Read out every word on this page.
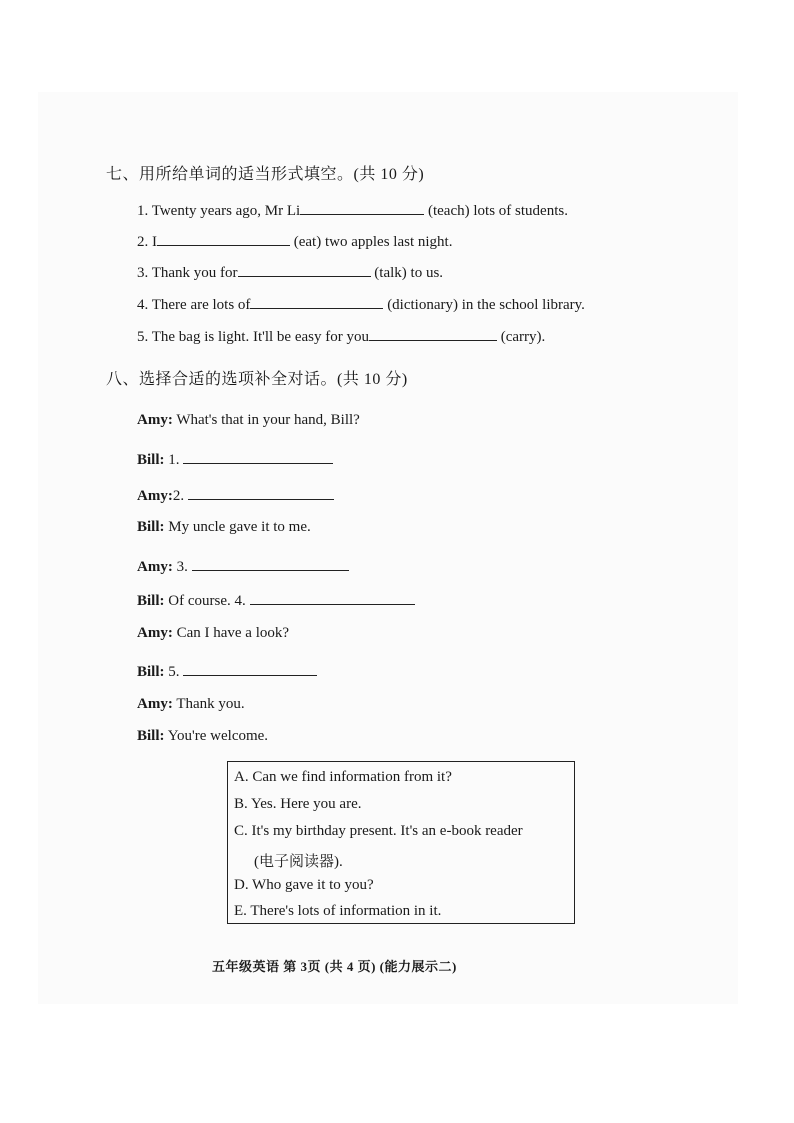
七、用所给单词的适当形式填空。(共 10 分)
1. Twenty years ago, Mr Li	(teach) lots of students.
2. I	(eat) two apples last night.
3. Thank you for	(talk) to us.
4. There are lots of	(dictionary) in the school library.
5. The bag is light. It'll be easy for you	(carry).
八、选择合适的选项补全对话。(共 10 分)
Amy: What's that in your hand, Bill?
Bill: 1.
Amy:2.
Bill: My uncle gave it to me.
Amy: 3.
Bill: Of course. 4.
Amy: Can I have a look?
Bill: 5.
Amy: Thank you.
Bill: You're welcome.
A. Can we find information from it?
B. Yes. Here you are.
C. It's my birthday present. It's an e-book reader
(电子阅读器).
D. Who gave it to you?
E. There's lots of information in it.
五年级英语 第 3页 (共 4 页) (能力展示二)
